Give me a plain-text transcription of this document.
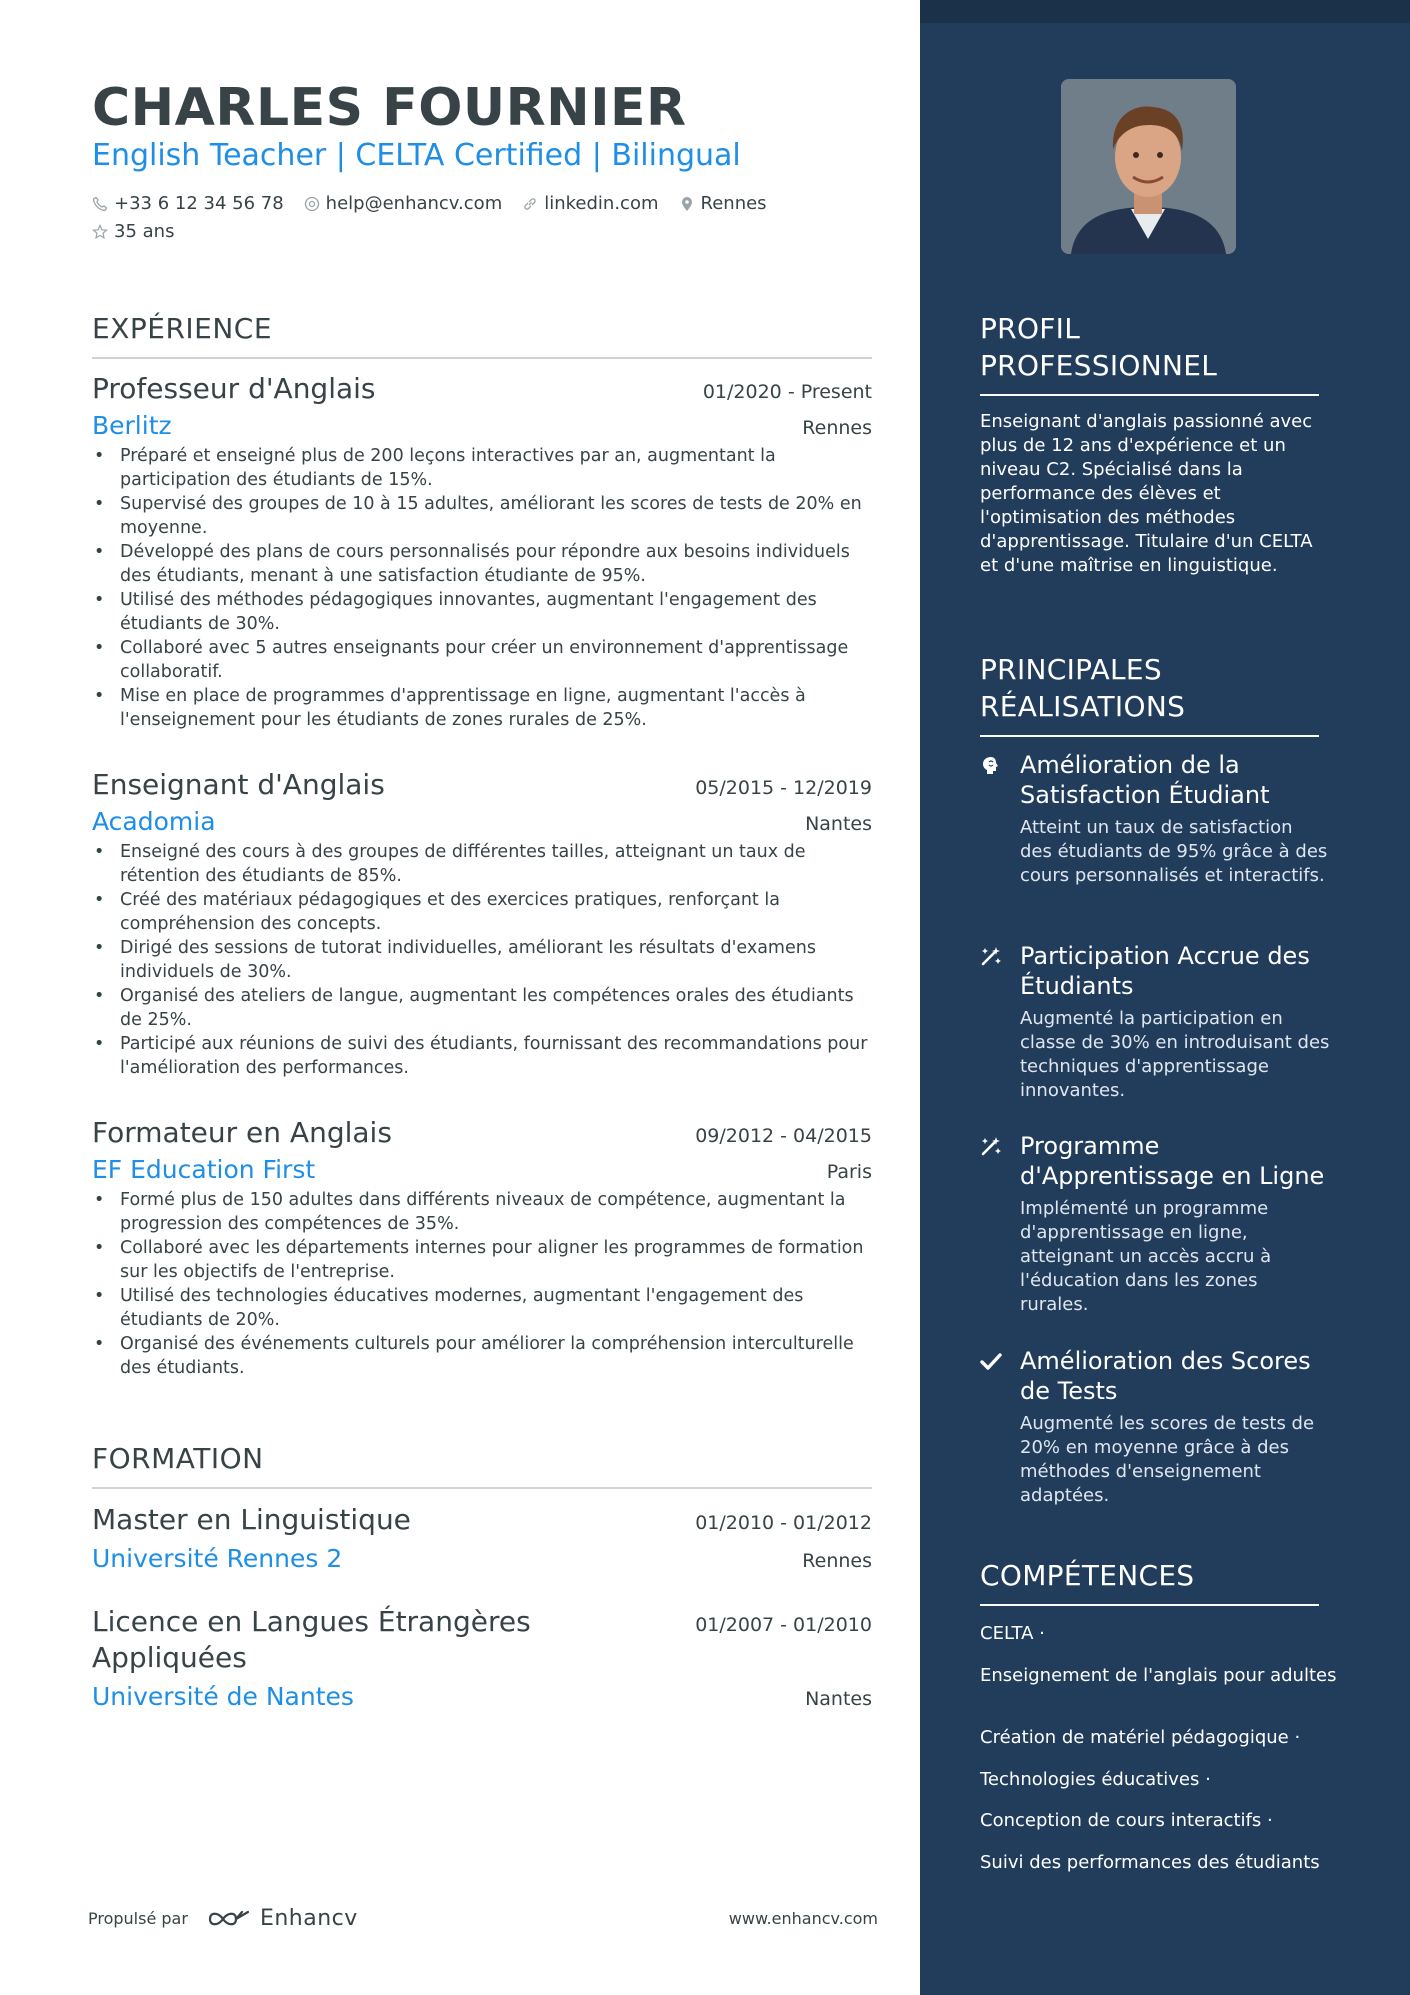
CHARLES FOURNIER
English Teacher | CELTA Certified | Bilingual
+33 6 12 34 56 78 help@enhancv.com linkedin.com Rennes
35 ans
EXPÉRIENCE
Professeur d'Anglais	01/2020 - Present
Berlitz	Rennes
• Préparé et enseigné plus de 200 leçons interactives par an, augmentant la participation des étudiants de 15%.
• Supervisé des groupes de 10 à 15 adultes, améliorant les scores de tests de 20% en moyenne.
• Développé des plans de cours personnalisés pour répondre aux besoins individuels des étudiants, menant à une satisfaction étudiante de 95%.
• Utilisé des méthodes pédagogiques innovantes, augmentant l'engagement des étudiants de 30%.
• Collaboré avec 5 autres enseignants pour créer un environnement d'apprentissage collaboratif.
• Mise en place de programmes d'apprentissage en ligne, augmentant l'accès à l'enseignement pour les étudiants de zones rurales de 25%.
Enseignant d'Anglais	05/2015 - 12/2019
Acadomia	Nantes
• Enseigné des cours à des groupes de différentes tailles, atteignant un taux de rétention des étudiants de 85%.
• Créé des matériaux pédagogiques et des exercices pratiques, renforçant la compréhension des concepts.
• Dirigé des sessions de tutorat individuelles, améliorant les résultats d'examens individuels de 30%.
• Organisé des ateliers de langue, augmentant les compétences orales des étudiants de 25%.
• Participé aux réunions de suivi des étudiants, fournissant des recommandations pour l'amélioration des performances.
Formateur en Anglais	09/2012 - 04/2015
EF Education First	Paris
• Formé plus de 150 adultes dans différents niveaux de compétence, augmentant la progression des compétences de 35%.
• Collaboré avec les départements internes pour aligner les programmes de formation sur les objectifs de l'entreprise.
• Utilisé des technologies éducatives modernes, augmentant l'engagement des étudiants de 20%.
• Organisé des événements culturels pour améliorer la compréhension interculturelle des étudiants.
FORMATION
Master en Linguistique	01/2010 - 01/2012
Université Rennes 2	Rennes
Licence en Langues Étrangères Appliquées
01/2007 - 01/2010
Université de Nantes	Nantes
Propulsé par	Enhancv	www.enhancv.com
PROFIL PROFESSIONNEL
Enseignant d'anglais passionné avec plus de 12 ans d'expérience et un niveau C2. Spécialisé dans la performance des élèves et l'optimisation des méthodes d'apprentissage. Titulaire d'un CELTA et d'une maîtrise en linguistique.
PRINCIPALES RÉALISATIONS
Amélioration de la Satisfaction Étudiant
Atteint un taux de satisfaction des étudiants de 95% grâce à des cours personnalisés et interactifs.
Participation Accrue des Étudiants
Augmenté la participation en classe de 30% en introduisant des techniques d'apprentissage innovantes.
Programme d'Apprentissage en Ligne
Implémenté un programme d'apprentissage en ligne, atteignant un accès accru à l'éducation dans les zones rurales.
Amélioration des Scores de Tests
Augmenté les scores de tests de 20% en moyenne grâce à des méthodes d'enseignement adaptées.
COMPÉTENCES
CELTA ·
Enseignement de l'anglais pour adultes
Création de matériel pédagogique ·
Technologies éducatives ·
Conception de cours interactifs ·
Suivi des performances des étudiants
